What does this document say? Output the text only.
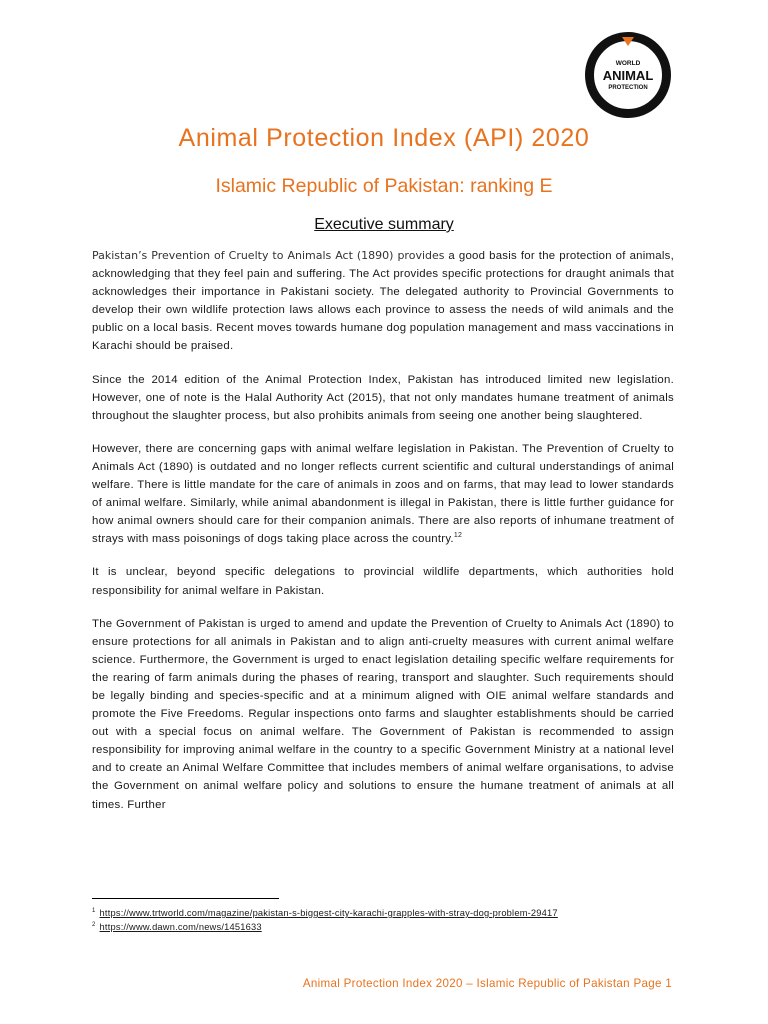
WORLD
ANIMAL
PROTECTION
Animal Protection Index (API) 2020
Islamic Republic of Pakistan: ranking E
Executive summary

Pakistan’s Prevention of Cruelty to Animals Act (1890) provides a good basis for the protection of animals, acknowledging that they feel pain and suffering. The Act provides specific protections for draught animals that acknowledges their importance in Pakistani society. The delegated authority to Provincial Governments to develop their own wildlife protection laws allows each province to assess the needs of wild animals and the public on a local basis. Recent moves towards humane dog population management and mass vaccinations in Karachi should be praised.

Since the 2014 edition of the Animal Protection Index, Pakistan has introduced limited new legislation. However, one of note is the Halal Authority Act (2015), that not only mandates humane treatment of animals throughout the slaughter process, but also prohibits animals from seeing one another being slaughtered.

However, there are concerning gaps with animal welfare legislation in Pakistan. The Prevention of Cruelty to Animals Act (1890) is outdated and no longer reflects current scientific and cultural understandings of animal welfare. There is little mandate for the care of animals in zoos and on farms, that may lead to lower standards of animal welfare. Similarly, while animal abandonment is illegal in Pakistan, there is little further guidance for how animal owners should care for their companion animals. There are also reports of inhumane treatment of strays with mass poisonings of dogs taking place across the country.$^{12}$

It is unclear, beyond specific delegations to provincial wildlife departments, which authorities hold responsibility for animal welfare in Pakistan.

The Government of Pakistan is urged to amend and update the Prevention of Cruelty to Animals Act (1890) to ensure protections for all animals in Pakistan and to align anti-cruelty measures with current animal welfare science. Furthermore, the Government is urged to enact legislation detailing specific welfare requirements for the rearing of farm animals during the phases of rearing, transport and slaughter. Such requirements should be legally binding and species-specific and at a minimum aligned with OIE animal welfare standards and promote the Five Freedoms. Regular inspections onto farms and slaughter establishments should be carried out with a special focus on animal welfare. The Government of Pakistan is recommended to assign responsibility for improving animal welfare in the country to a specific Government Ministry at a national level and to create an Animal Welfare Committee that includes members of animal welfare organisations, to advise the Government on animal welfare policy and solutions to ensure the humane treatment of animals at all times. Further

$^1$ https://www.trtworld.com/magazine/pakistan-s-biggest-city-karachi-grapples-with-stray-dog-problem-29417
$^2$ https://www.dawn.com/news/1451633
Animal Protection Index 2020 – Islamic Republic of Pakistan Page 1
